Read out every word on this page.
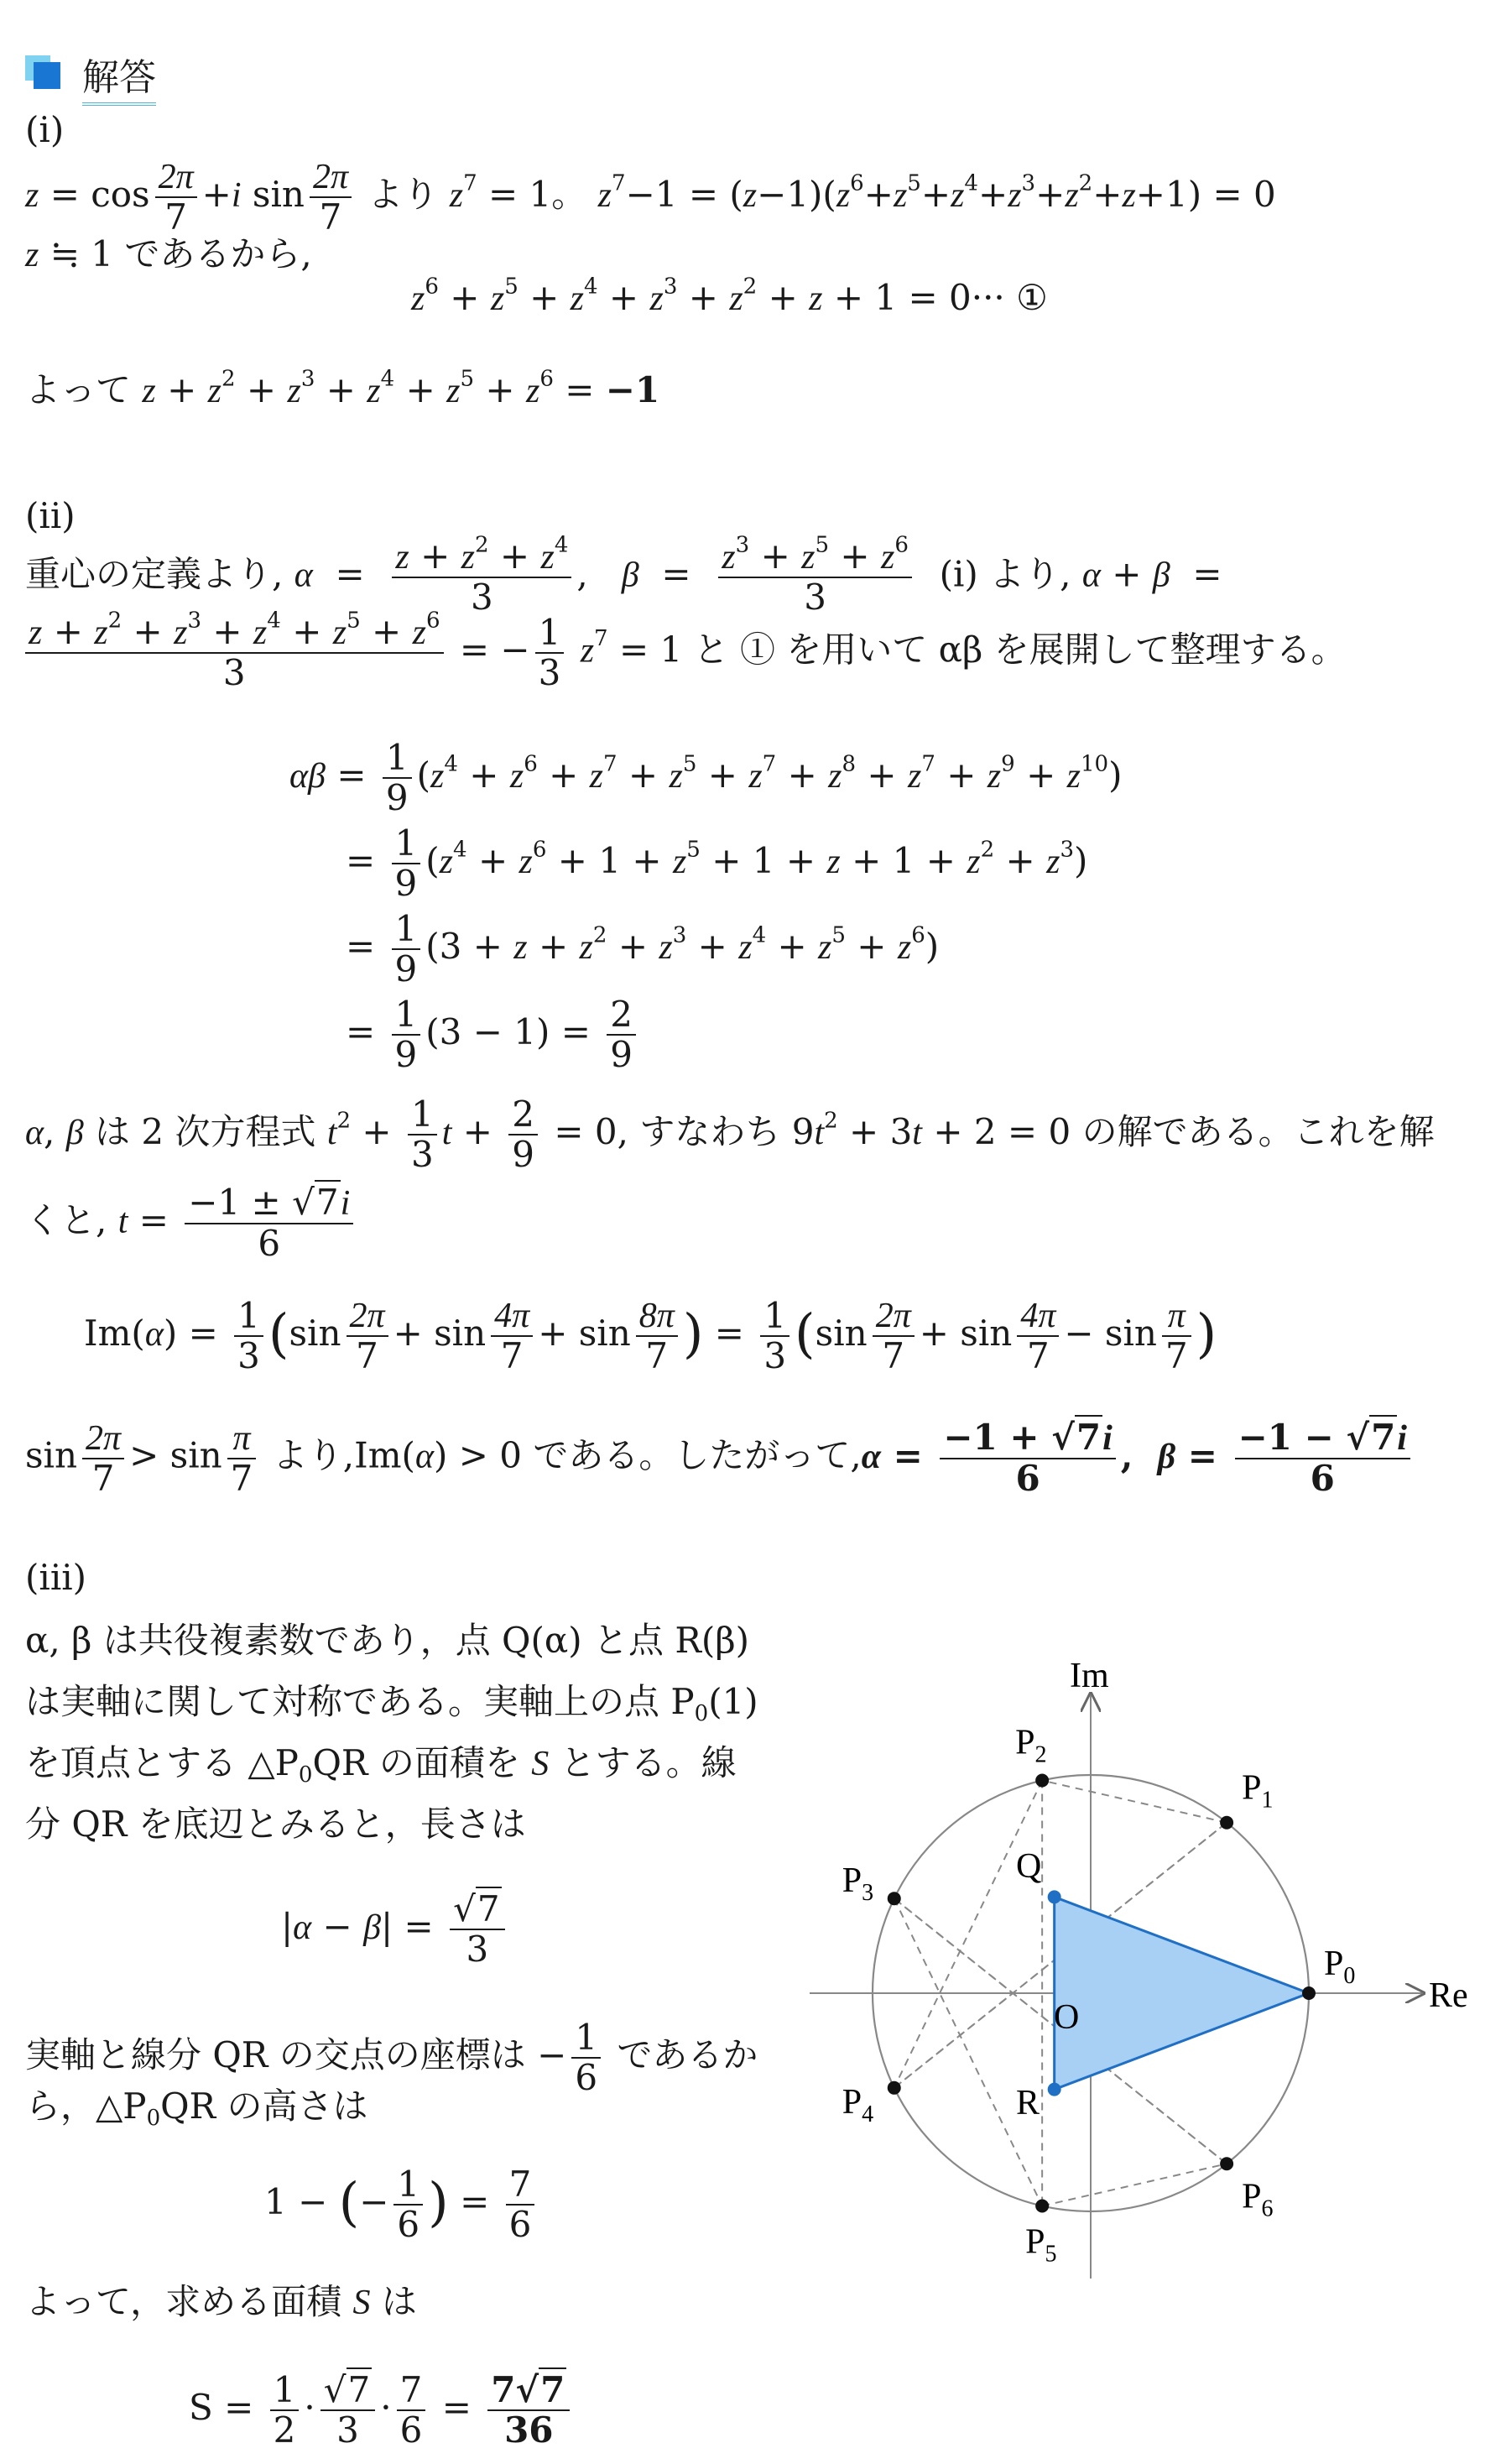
解答
(i)
$z = \cos \frac{2\pi}{7} +i$ $\sin \frac{2\pi}{7}$ より $z^7 = 1$。 $z^7-1 = (z-1)(z^6+z^5+z^4+z^3+z^2+z+1) = 0$
z ≒ 1 であるから,
$z^6 + z^5 + z^4 + z^3 + z^2 + z + 1 = 0\cdot\cdot\cdot$ ①
よって $z + z^2 + z^3 + z^4 + z^5 + z^6 = -1$
(ii)
重心の定義より, $\alpha = \frac{z + z^2 + z^4}{3}$ ,   $\beta = \frac{z^3 + z^5 + z^6}{3} (i)$ より, α + β  =
$\frac{z + z^2 + z^3 + z^4 + z^5 + z^6}{3}$ = − $\frac{1}{3} z^7 = 1$ と ① を用いて αβ を展開して整理する。
$\alpha\beta = \frac{1}{9} (z^4 + z^6 + z^7 + z^5 + z^7 + z^8 + z^7 + z^9 + z^{10})$
= $\frac{1}{9} (z^4 + z^6 + 1 + z^5 + 1 + z + 1 + z^2 + z^3)$
= $\frac{1}{9} (3 + z + z^2 + z^3 + z^4 + z^5 + z^6)$
= $\frac{1}{9} (3 - 1) = \frac{2}{9}$
α, β は 2 次方程式 $t^2 + \frac{1}{3}$ $t + \frac{2}{9} = 0$, すなわち $9t^2 + 3t + 2 = 0$ の解である。これを解
くと, $t = \frac{-1 \pm √7i}{6}$
$Im(\alpha) = \frac{1}{3} (\sin \frac{2\pi}{7} + \sin \frac{4\pi}{7} + \sin \frac{8\pi}{7}$ ) = $\frac{1}{3} (\sin \frac{2\pi}{7} + \sin \frac{4\pi}{7} - \sin \frac{\pi}{7}$ )
$\sin \frac{2\pi}{7} > \sin \frac{\pi}{7}$ より,Im(α) > 0 である。したがって$,\alpha = \frac{-1 + √7i}{6}$ ,  $\beta = \frac{-1 - √7i}{6}$
(iii)
α, β は共役複素数であり，点 Q(α) と点 R(β)
は実軸に関して対称である。実軸上の点 $P_0(1)$
を頂点とする $\triangle P_0QR$ の面積を S とする。線
分 QR を底辺とみると，長さは
$|\alpha - \beta| = \frac{√7}{3}$
実軸と線分 QR の交点の座標は − $\frac{1}{6}$ であるか
ら，$\triangle P_0QR$ の高さは
1 − (− $\frac{1}{6}$ ) = $\frac{7}{6}$
よって，求める面積 S は
$S = \frac{1}{2} \cdot \frac{√7}{3} \cdot \frac{7}{6} = \frac{7√7}{36}$
Re
Im
O
Q
R
$P_0$
$P_1$
$P_2$
$P_3$
$P_4$
$P_5$
$P_6$
